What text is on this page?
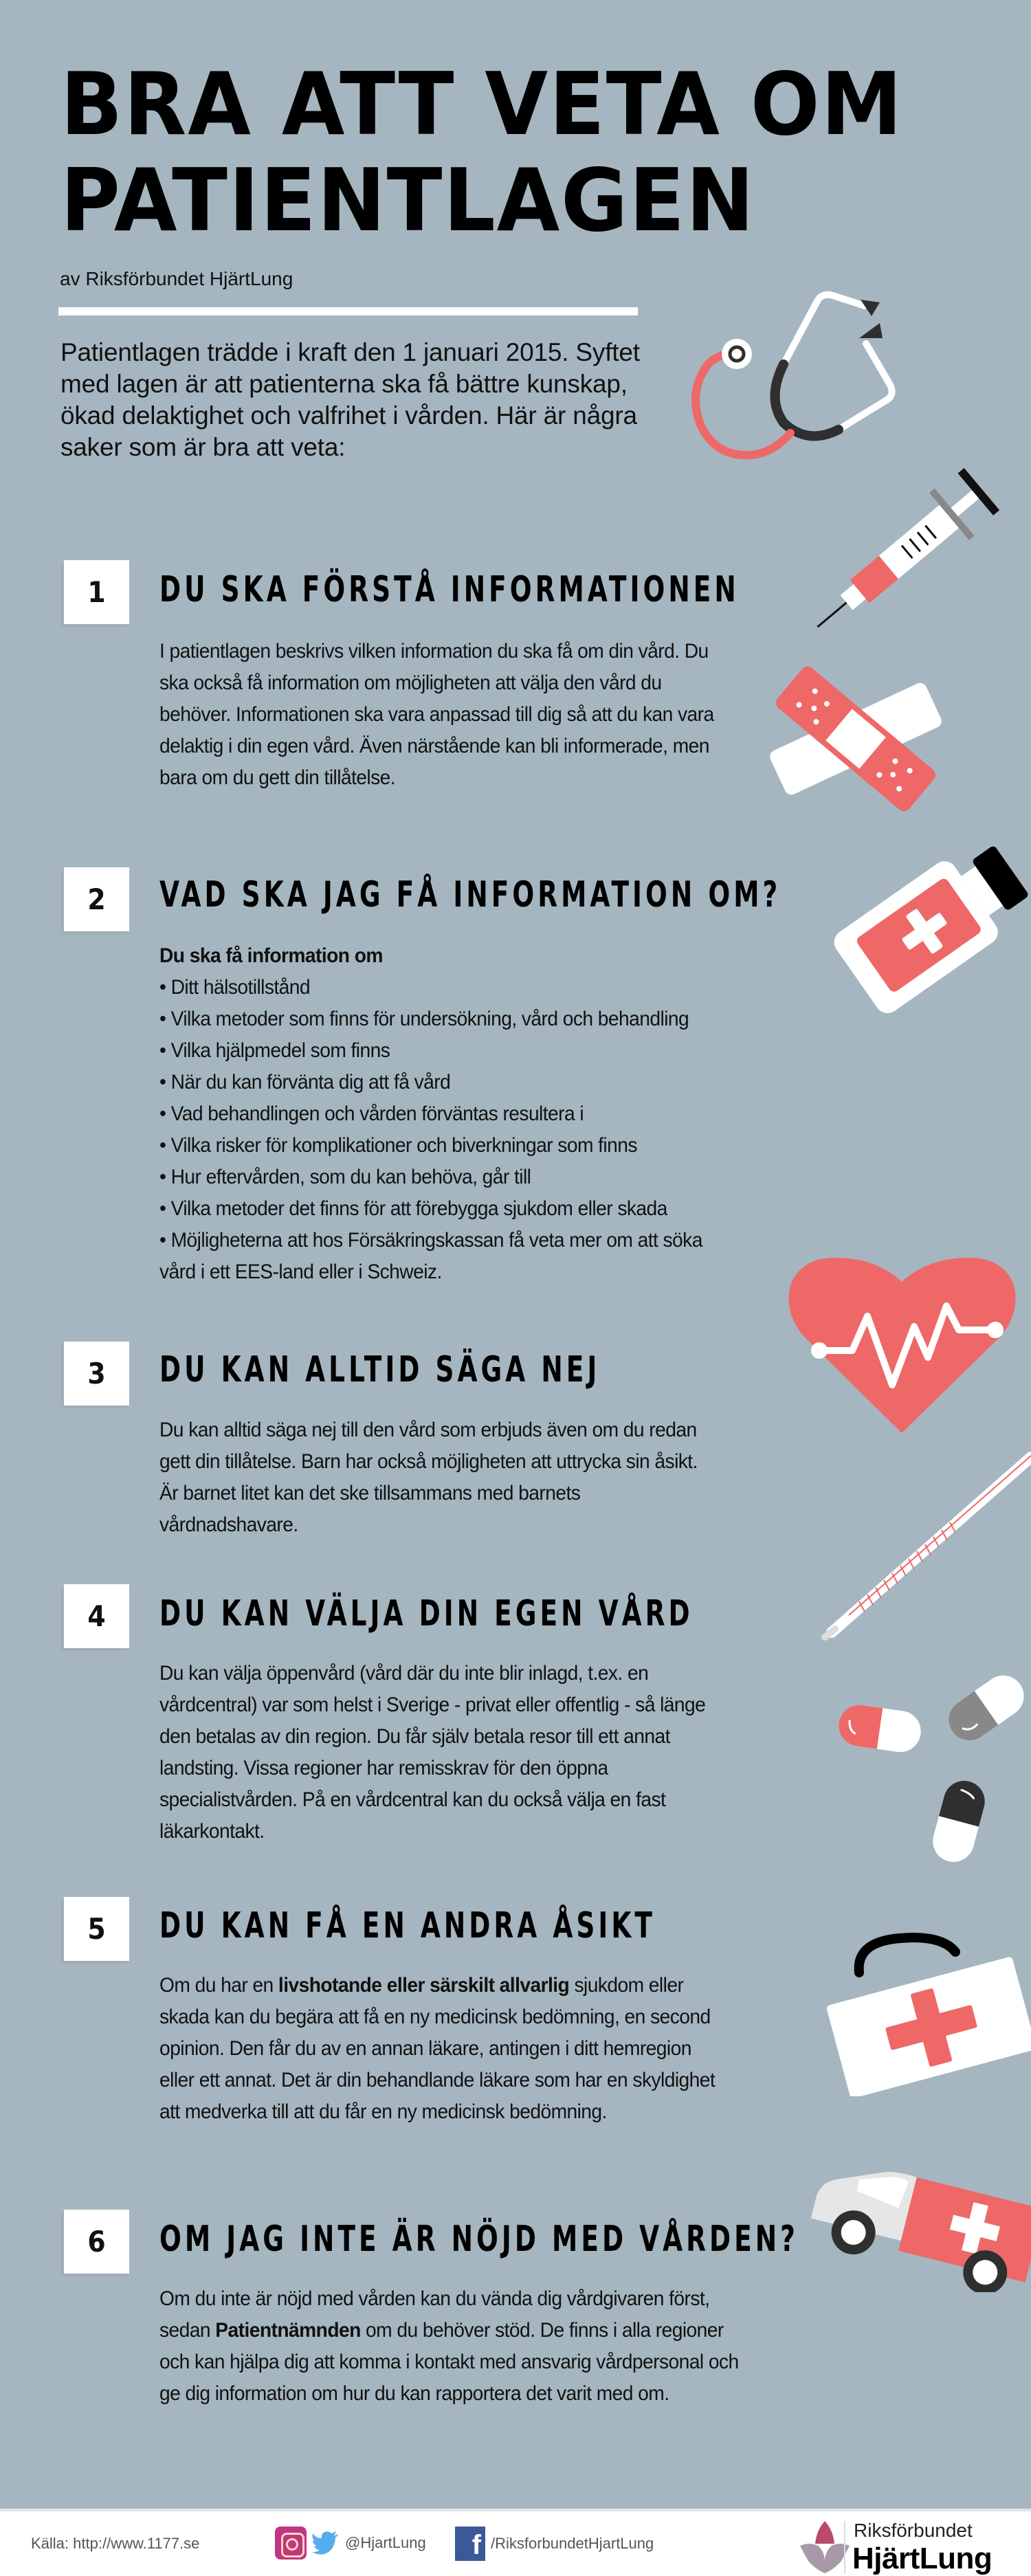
BRA ATT VETA OM
PATIENTLAGEN
av Riksförbundet HjärtLung

Patientlagen trädde i kraft den 1 januari 2015. Syftet med lagen är att patienterna ska få bättre kunskap, ökad delaktighet och valfrihet i vården. Här är några saker som är bra att veta:

1	DU SKA FÖRSTÅ INFORMATIONEN

I patientlagen beskrivs vilken information du ska få om din vård. Du ska också få information om möjligheten att välja den vård du behöver. Informationen ska vara anpassad till dig så att du kan vara delaktig i din egen vård. Även närstående kan bli informerade, men bara om du gett din tillåtelse.

2	VAD SKA JAG FÅ INFORMATION OM?
Du ska få information om
• Ditt hälsotillstånd
• Vilka metoder som finns för undersökning, vård och behandling
• Vilka hjälpmedel som finns
• När du kan förvänta dig att få vård
• Vad behandlingen och vården förväntas resultera i
• Vilka risker för komplikationer och biverkningar som finns
• Hur eftervården, som du kan behöva, går till
• Vilka metoder det finns för att förebygga sjukdom eller skada
• Möjligheterna att hos Försäkringskassan få veta mer om att söka vård i ett EES-land eller i Schweiz.
3	DU KAN ALLTID SÄGA NEJ

Du kan alltid säga nej till den vård som erbjuds även om du redan gett din tillåtelse. Barn har också möjligheten att uttrycka sin åsikt. Är barnet litet kan det ske tillsammans med barnets vårdnadshavare.

4	DU KAN VÄLJA DIN EGEN VÅRD

Du kan välja öppenvård (vård där du inte blir inlagd, t.ex. en vårdcentral) var som helst i Sverige - privat eller offentlig - så länge den betalas av din region. Du får själv betala resor till ett annat landsting. Vissa regioner har remisskrav för den öppna specialistvården. På en vårdcentral kan du också välja en fast läkarkontakt.

5	DU KAN FÅ EN ANDRA ÅSIKT

Om du har en livshotande eller särskilt allvarlig sjukdom eller skada kan du begära att få en ny medicinsk bedömning, en second opinion. Den får du av en annan läkare, antingen i ditt hemregion eller ett annat. Det är din behandlande läkare som har en skyldighet att medverka till att du får en ny medicinsk bedömning.

6	OM JAG INTE ÄR NÖJD MED VÅRDEN?

Om du inte är nöjd med vården kan du vända dig vårdgivaren först, sedan Patientnämnden om du behöver stöd. De finns i alla regioner och kan hjälpa dig att komma i kontakt med ansvarig vårdpersonal och ge dig information om hur du kan rapportera det varit med om.

Källa: http://www.1177.se	@HjartLung	f /RiksforbundetHjartLung
Riksförbundet
HjärtLung
